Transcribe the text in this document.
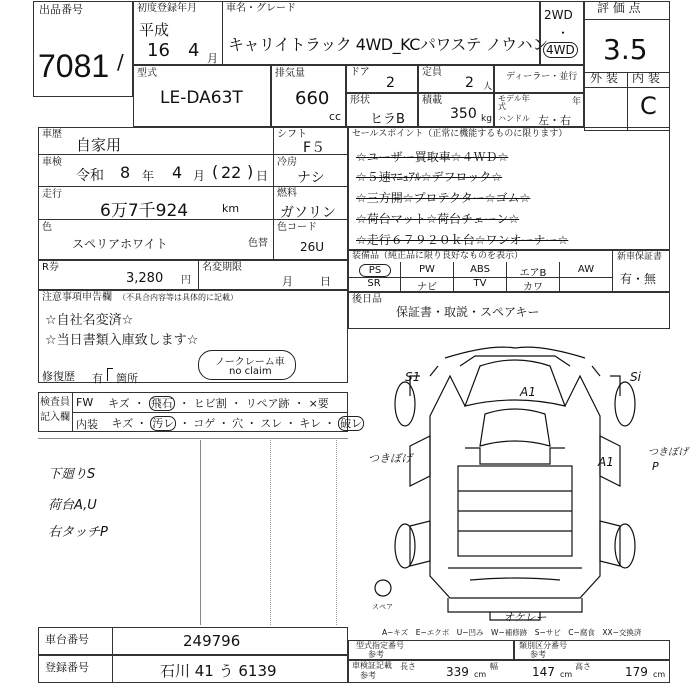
出品番号
7081 /
初度登録年月
平成
16 4 月
車名・グレード
キャリイトラック 4WD_KCパワステ ノウハン
2WD
・
4WD
評 価 点
3.5
外 装 内 装
C
型式
LE-DA63T
排気量
660
cc
ドア
2
定員
2 人
ディーラー・並行
形状
ヒラB
積載
350 kg
モデル年式	年
ハンドル 左・右
車歴
自家用
シフト
F５
車検
令和 8 年 4 月 22 日
( ) 冷房
ナシ
走行
6万7千924	km
燃料
ガソリン
色
スペリアホワイト	色替
色コード
26U
R券
3,280 円
名変期限
月 日
注意事項申告欄 （不具合内容等は具体的に記載）
☆自社名変済☆
☆当日書類入庫致します☆
ノークレーム車
no claim
修復歴 有 箇所
セールスポイント（正常に機能するものに限ります）
☆ユーザー買取車☆４ＷＤ☆
☆５速ﾏﾆｭｱﾙ☆デフロック☆
☆三方開☆プロテクター☆ゴム☆
☆荷台マット☆荷台チェーン☆
☆走行６７９２０ｋ台☆ワンオーナー☆
装備品（純正品に限り良好なものを表示）
PS	PW	ABS	エアB	AW
SR	ナビ	TV	カワ
新車保証書
有・無
後日品
保証書・取説・スペアキー
検査員
記入欄
FW
内装
キズ ・ 飛石 ・ ヒビ割 ・ リペア跡 ・ ×要
キズ ・ 汚レ ・ コゲ ・ 穴 ・ スレ ・ キレ ・ 破レ
下廻りS
荷台A,U
右タッチP
S1	Si
A1
A1
つきぼげ	つきぼげ
P
スペア
オケレー
A−キズ　E−エクボ　U−凹み　W−補修跡　S−サビ　C−腐食　XX−交換済
車台番号	249796
登録番号	石川 41 う 6139
型式指定番号
参考
類別区分番号
参考
車検証記載
参考
長さ	339 cm
幅	147 cm
高さ	179 cm
